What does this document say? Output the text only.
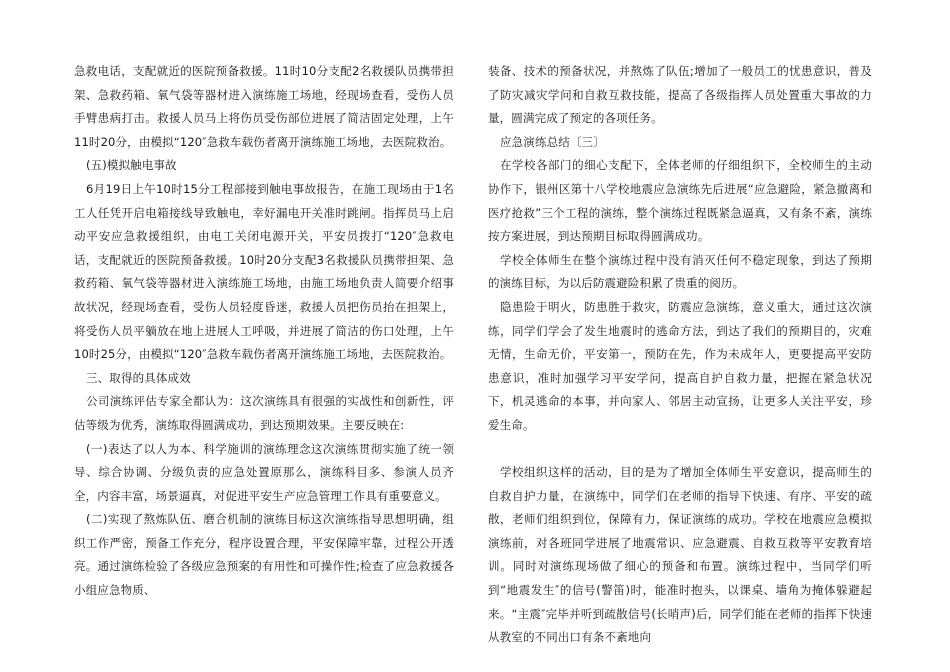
急救电话，支配就近的医院预备救援。11时10分支配2名救援队员携带担架、急救药箱、氧气袋等器材进入演练施工场地，经现场查看，受伤人员手臂患病打击。救援人员马上将伤员受伤部位进展了简洁固定处理，上午11时20分，由模拟“120″急救车载伤者离开演练施工场地，去医院救治。

(五)模拟触电事故

6月19日上午10时15分工程部接到触电事故报告，在施工现场由于1名工人任凭开启电箱接线导致触电，幸好漏电开关准时跳闸。指挥员马上启动平安应急救援组织，由电工关闭电源开关，平安员拨打“120″急救电话，支配就近的医院预备救援。10时20分支配3名救援队员携带担架、急救药箱、氧气袋等器材进入演练施工场地，由施工场地负责人简要介绍事故状况，经现场查看，受伤人员轻度昏迷，救援人员把伤员抬在担架上，将受伤人员平躺放在地上进展人工呼吸，并进展了简洁的伤口处理，上午10时25分，由模拟“120″急救车载伤者离开演练施工场地，去医院救治。

三、取得的具体成效

公司演练评估专家全都认为：这次演练具有很强的实战性和创新性，评估等级为优秀，演练取得圆满成功，到达预期效果。主要反映在:

(一)表达了以人为本、科学施训的演练理念这次演练贯彻实施了统一领导、综合协调、分级负责的应急处置原那么，演练科目多、参演人员齐全，内容丰富，场景逼真，对促进平安生产应急管理工作具有重要意义。

(二)实现了熬炼队伍、磨合机制的演练目标这次演练指导思想明确，组织工作严密，预备工作充分，程序设置合理，平安保障牢靠，过程公开透亮。通过演练检验了各级应急预案的有用性和可操作性;检查了应急救援各小组应急物质、

装备、技术的预备状况，并熬炼了队伍;增加了一般员工的忧患意识，普及了防灾减灾学问和自救互救技能，提高了各级指挥人员处置重大事故的力量，圆满完成了预定的各项任务。

应急演练总结〔三〕

在学校各部门的细心支配下，全体老师的仔细组织下，全校师生的主动协作下，银州区第十八学校地震应急演练先后进展“应急避险，紧急撤离和医疗抢救”三个工程的演练，整个演练过程既紧急逼真，又有条不紊，演练按方案进展，到达预期目标取得圆满成功。

学校全体师生在整个演练过程中没有消灭任何不稳定现象，到达了预期的演练目标，为以后防震避险积累了贵重的阅历。

隐患险于明火，防患胜于救灾，防震应急演练，意义重大，通过这次演练，同学们学会了发生地震时的逃命方法，到达了我们的预期目的，灾难无情，生命无价，平安第一，预防在先，作为未成年人，更要提高平安防患意识，准时加强学习平安学问，提高自护自救力量，把握在紧急状况下，机灵逃命的本事，并向家人、邻居主动宣扬，让更多人关注平安，珍爱生命。

学校组织这样的活动，目的是为了增加全体师生平安意识，提高师生的自救自护力量，在演练中，同学们在老师的指导下快速、有序、平安的疏散，老师们组织到位，保障有力，保证演练的成功。学校在地震应急模拟演练前，对各班同学进展了地震常识、应急避震、自救互救等平安教育培训。同时对演练现场做了细心的预备和布置。演练过程中，当同学们听到“地震发生″的信号(警笛)时，能准时抱头，以课桌、墙角为掩体躲避起来。“主震″完毕并听到疏散信号(长哨声)后，同学们能在老师的指挥下快速从教室的不同出口有条不紊地向
